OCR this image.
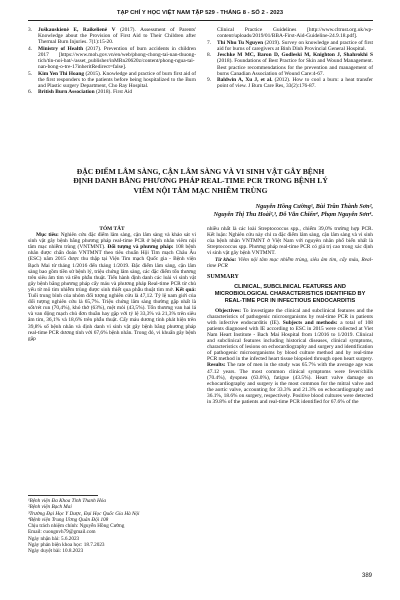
TẠP CHÍ Y HỌC VIỆT NAM TẬP 529 - THÁNG 8 - SỐ 2 - 2023
3.	Juškauskienė E, Raikelienė V (2017). Assessment of Parents' Knowledge about the Provision of First Aid to Their Children after Thermal Burn Injuries. 7(1):15-20.
4.	Ministry of Health (2017). Prevention of burn accidents in children 2017 [https://www.moh.gov.vn/en/web/phong-chong-tai-nan-thuong-tich/tin-noi-bat/-/asset_publisher/inMRn20620z/content/phong-ngua-tai-nan-bong-o-tre-17inheritRedirect=false].
5.	Kim Yen Thi Hoang (2015). Knowledge and practice of burn first aid of the first responders to the patients before being hospitalized to the Burn and Plastic surgery Department, Cho Ray Hospital.
6.	British Burn Association (2018). First Aid
Clinical Practice Guidelines [http://www.cltrust.org.uk/wp-content/uploads/2019/01/BBA-First-Aid-Guideline-24.9.18.pdf].
7.	Thi Nhu Tu Nguyen (2019). Survey on knowledge and practice of first aid for burns of caregivers at Binh Dinh Provincial General Hospital.
8.	Jeschke M MC, Baron D, Godleski M, Knighton J, Shahrokhi S (2018). Foundations of Best Practice for Skin and Wound Management. Best practice recommendations for the prevention and management of burns Canadian Association of Wound Care:4-67.
9.	Baldwin A, Xu J, et al. (2012). How to cool a burn: a heat transfer point of view. J Burn Care Res, 33(2):176-87.
ĐẶC ĐIỂM LÂM SÀNG, CẬN LÂM SÀNG VÀ VI SINH VẬT GÂY BỆNH
ĐỊNH DANH BẰNG PHƯƠNG PHÁP REAL-TIME PCR TRONG BỆNH LÝ
VIÊM NỘI TÂM MẠC NHIỄM TRÙNG
Nguyễn Hồng Cường¹, Bùi Trần Thành Sơn²,
Nguyễn Thị Thu Hoài²,³, Đỗ Văn Chiến⁴, Phạm Nguyên Sơn⁴.
TÓM TẮT

Mục tiêu: Nghiên cứu đặc điểm lâm sàng, cận lâm sàng và khảo sát vi sinh vật gây bệnh bằng phương pháp real-time PCR ở bệnh nhân viêm nội tâm mạc nhiễm trùng (VNTMNT). Đối tượng và phương pháp: 108 bệnh nhân được chẩn đoán VNTMNT theo tiêu chuẩn Hội Tim mạch Châu Âu (ESC) năm 2015 được thu thập tại Viện Tim mạch Quốc gia - Bệnh viện Bạch Mai từ tháng 1/2016 đến tháng 1/2019. Đặc điểm lâm sàng, cận lâm sàng bao gồm tiền sử bệnh lý, triệu chứng lâm sàng, các đặc điểm tổn thương trên siêu âm tim và tiền phẫu thuật. Tiến hành định danh các loài vi sinh vật gây bệnh bằng phương pháp cấy máu và phương pháp Real-time PCR từ chủ yếu từ mô tim nhiễm trùng được sinh thiết qua phẫu thuật tim mở. Kết quả: Tuổi trung bình của nhóm đối tượng nghiên cứu là 47,12. Tỷ lệ nam giới của đối tượng nghiên cứu là 65,7%. Triệu chứng lâm sàng thường gặp nhất là sốt/rét run (70,4%), khó thở (63%), mệt mỏi (43,5%). Tổn thương van hai lá và van động mạch chủ đơn thuần hay gặp với tỷ lệ 33,3% và 21,3% trên siêu âm tim, 36,1% và 18,6% trên phẫu thuật. Cấy máu dương tính phát hiện trên 39,8% số bệnh nhân và định danh vi sinh vật gây bệnh bằng phương pháp real-time PCR dương tính với 67,6% bệnh nhân. Trong đó, vi khuẩn gây bệnh gặp

nhiều nhất là các loài Streptococcus spp., chiếm 39,0% trường hợp PCR. Kết luận: Nghiên cứu này chỉ ra đặc điểm lâm sàng, cận lâm sàng và vi sinh của bệnh nhân VNTMNT ở Việt Nam với nguyên nhân phổ biến nhất là Streptococcus spp. Phương pháp real-time PCR có giá trị cao trong xác định vi sinh vật gây bệnh VNTMNT.

Từ khóa: Viêm nội tâm mạc nhiễm trùng, siêu âm tim, cấy máu, Real-time PCR

SUMMARY
CLINICAL, SUBCLINICAL FEATURES AND MICROBIOLOGICAL CHARACTERISTICS IDENTIFIED BY REAL-TIME PCR IN INFECTIOUS ENDOCARDITIS

Objectives: To investigate the clinical and subclinical features and the characteristics of pathogenic microorganisms by real-time PCR in patients with infective endocarditis (IE). Subjects and methods: a total of 108 patients diagnosed with IE according to ESC in 2015 were collected at Viet Nam Heart Institute - Bach Mai Hospital from 1/2016 to 1/2019. Clinical and subclinical features including historical diseases, clinical symptoms, characteristics of lesions on echocardiography and surgery and identification of pathogenic microorganisms by blood culture method and by real-time PCR method in the infected heart tissue biopsied through open heart surgery. Results: The rate of men in the study was 65.7% with the average age was 47.12 years. The most common clinical symptoms were fever/chills (70.4%), dyspnea (63.0%), fatigue (43.5%). Heart valve damage on echocardiography and surgery is the most common for the mitral valve and the aortic valve, accounting for 33.3% and 21.3% on echocardiography and 36.1%, 18.6% on surgery, respectively. Positive blood cultures were detected in 39.8% of the patients and real-time PCR identified for 67.6% of the

¹Bệnh viện Đa Khoa Tỉnh Thanh Hóa
²Bệnh viện Bạch Mai
³Trường Đại Học Y Dược, Đại Học Quốc Gia Hà Nội
⁴Bệnh viện Trung Ương Quân Đội 108
Chịu trách nhiệm chính: Nguyễn Hồng Cường
Email: cuongnvh79@gmail.com
Ngày nhận bài: 5.6.2023
Ngày phản biện khoa học: 18.7.2023
Ngày duyệt bài: 10.8.2023
389
